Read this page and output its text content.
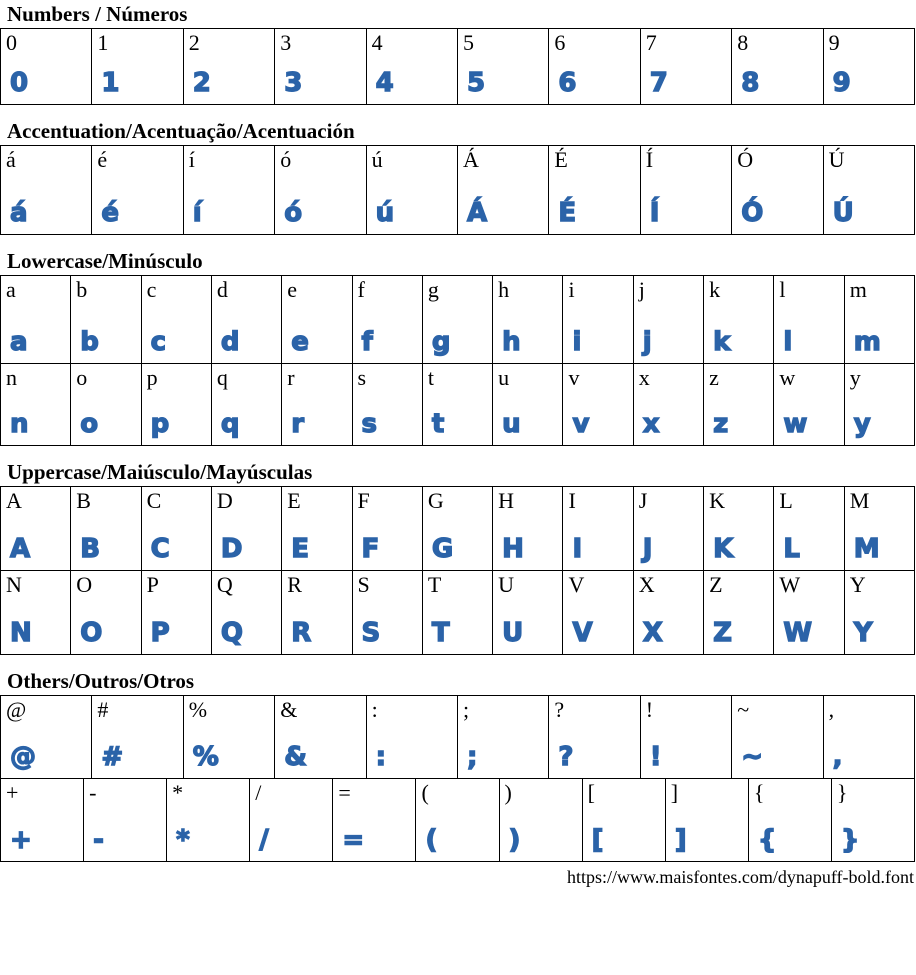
Numbers / Números
0
0
1
1
2
2
3
3
4
4
5
5
6
6
7
7
8
8
9
9
Accentuation/Acentuação/Acentuación
á
á
é
é
í
í
ó
ó
ú
ú
Á
Á
É
É
Í
Í
Ó
Ó
Ú
Ú
Lowercase/Minúsculo
a
a
b
b
c
c
d
d
e
e
f
f
g
g
h
h
i
i
j
j
k
k
l
l
m
m
n
n
o
o
p
p
q
q
r
r
s
s
t
t
u
u
v
v
x
x
z
z
w
w
y
y
Uppercase/Maiúsculo/Mayúsculas
A
A
B
B
C
C
D
D
E
E
F
F
G
G
H
H
I
I
J
J
K
K
L
L
M
M
N
N
O
O
P
P
Q
Q
R
R
S
S
T
T
U
U
V
V
X
X
Z
Z
W
W
Y
Y
Others/Outros/Otros
@
@
#
#
%
%
&
&
:
:
;
;
?
?
!
!
~
~
,
,
+
+
-
-
*
*
/
/
=
=
(
(
)
)
[
[
]
]
{
{
}
}
https://www.maisfontes.com/dynapuff-bold.font
